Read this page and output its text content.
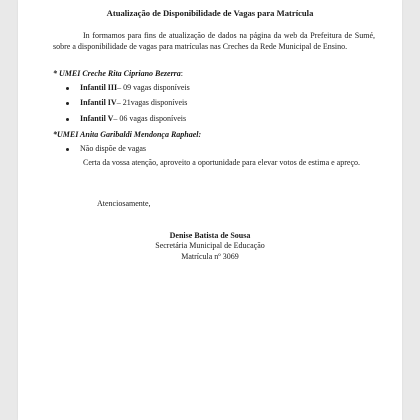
Atualização de Disponibilidade de Vagas para Matrícula
In formamos para fins de atualização de dados na página da web da Prefeitura de Sumé, sobre a disponibilidade de vagas para matrículas nas Creches da Rede Municipal de Ensino.
* UMEI Creche Rita Cipriano Bezerra:
Infantil III – 09 vagas disponíveis
Infantil IV – 21vagas disponíveis
Infantil V – 06 vagas disponíveis
*UMEI Anita Garibaldi Mendonça Raphael:
Não dispõe de vagas
Certa da vossa atenção, aproveito a oportunidade para elevar votos de estima e apreço.
Atenciosamente,
Denise Batista de Sousa
Secretária Municipal de Educação
Matrícula nº 3069
